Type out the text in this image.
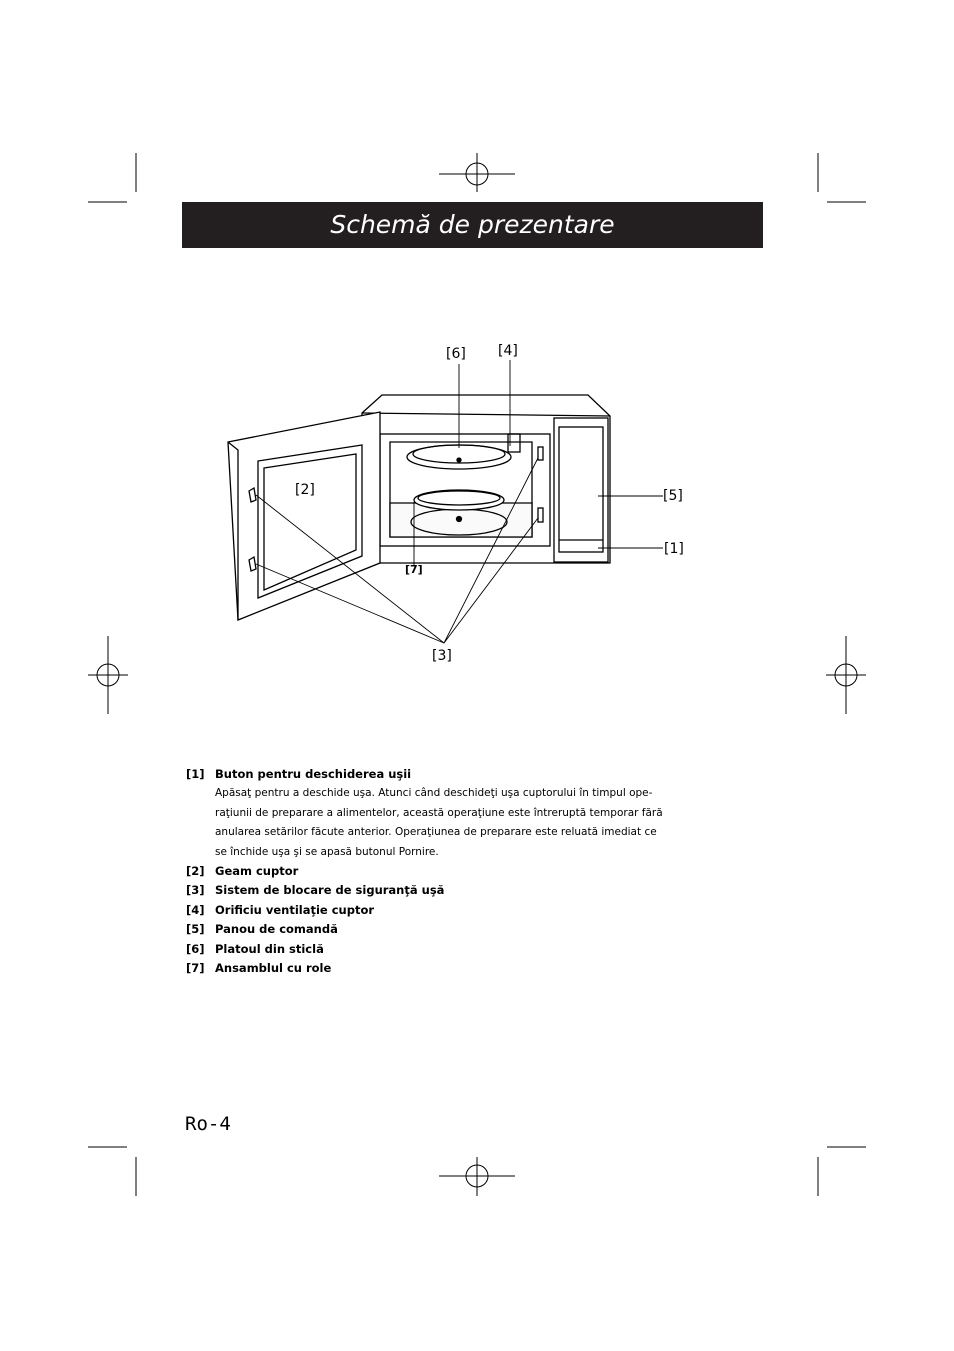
Schemă de prezentare
[6] [4]
[2]	[5]
[1]
[7]
[3]
[1] Buton pentru deschiderea uşii
Apăsaţ pentru a deschide uşa. Atunci când deschideţi uşa cuptorului în timpul ope-
raţiunii de preparare a alimentelor, această operaţiune este întreruptă temporar fără
anularea setărilor făcute anterior. Operaţiunea de preparare este reluată imediat ce
se închide uşa şi se apasă butonul Pornire.
[2] Geam cuptor
[3] Sistem de blocare de siguranţă uşă
[4] Orificiu ventilaţie cuptor
[5] Panou de comandă
[6] Platoul din sticlă
[7] Ansamblul cu role
Ro-4
